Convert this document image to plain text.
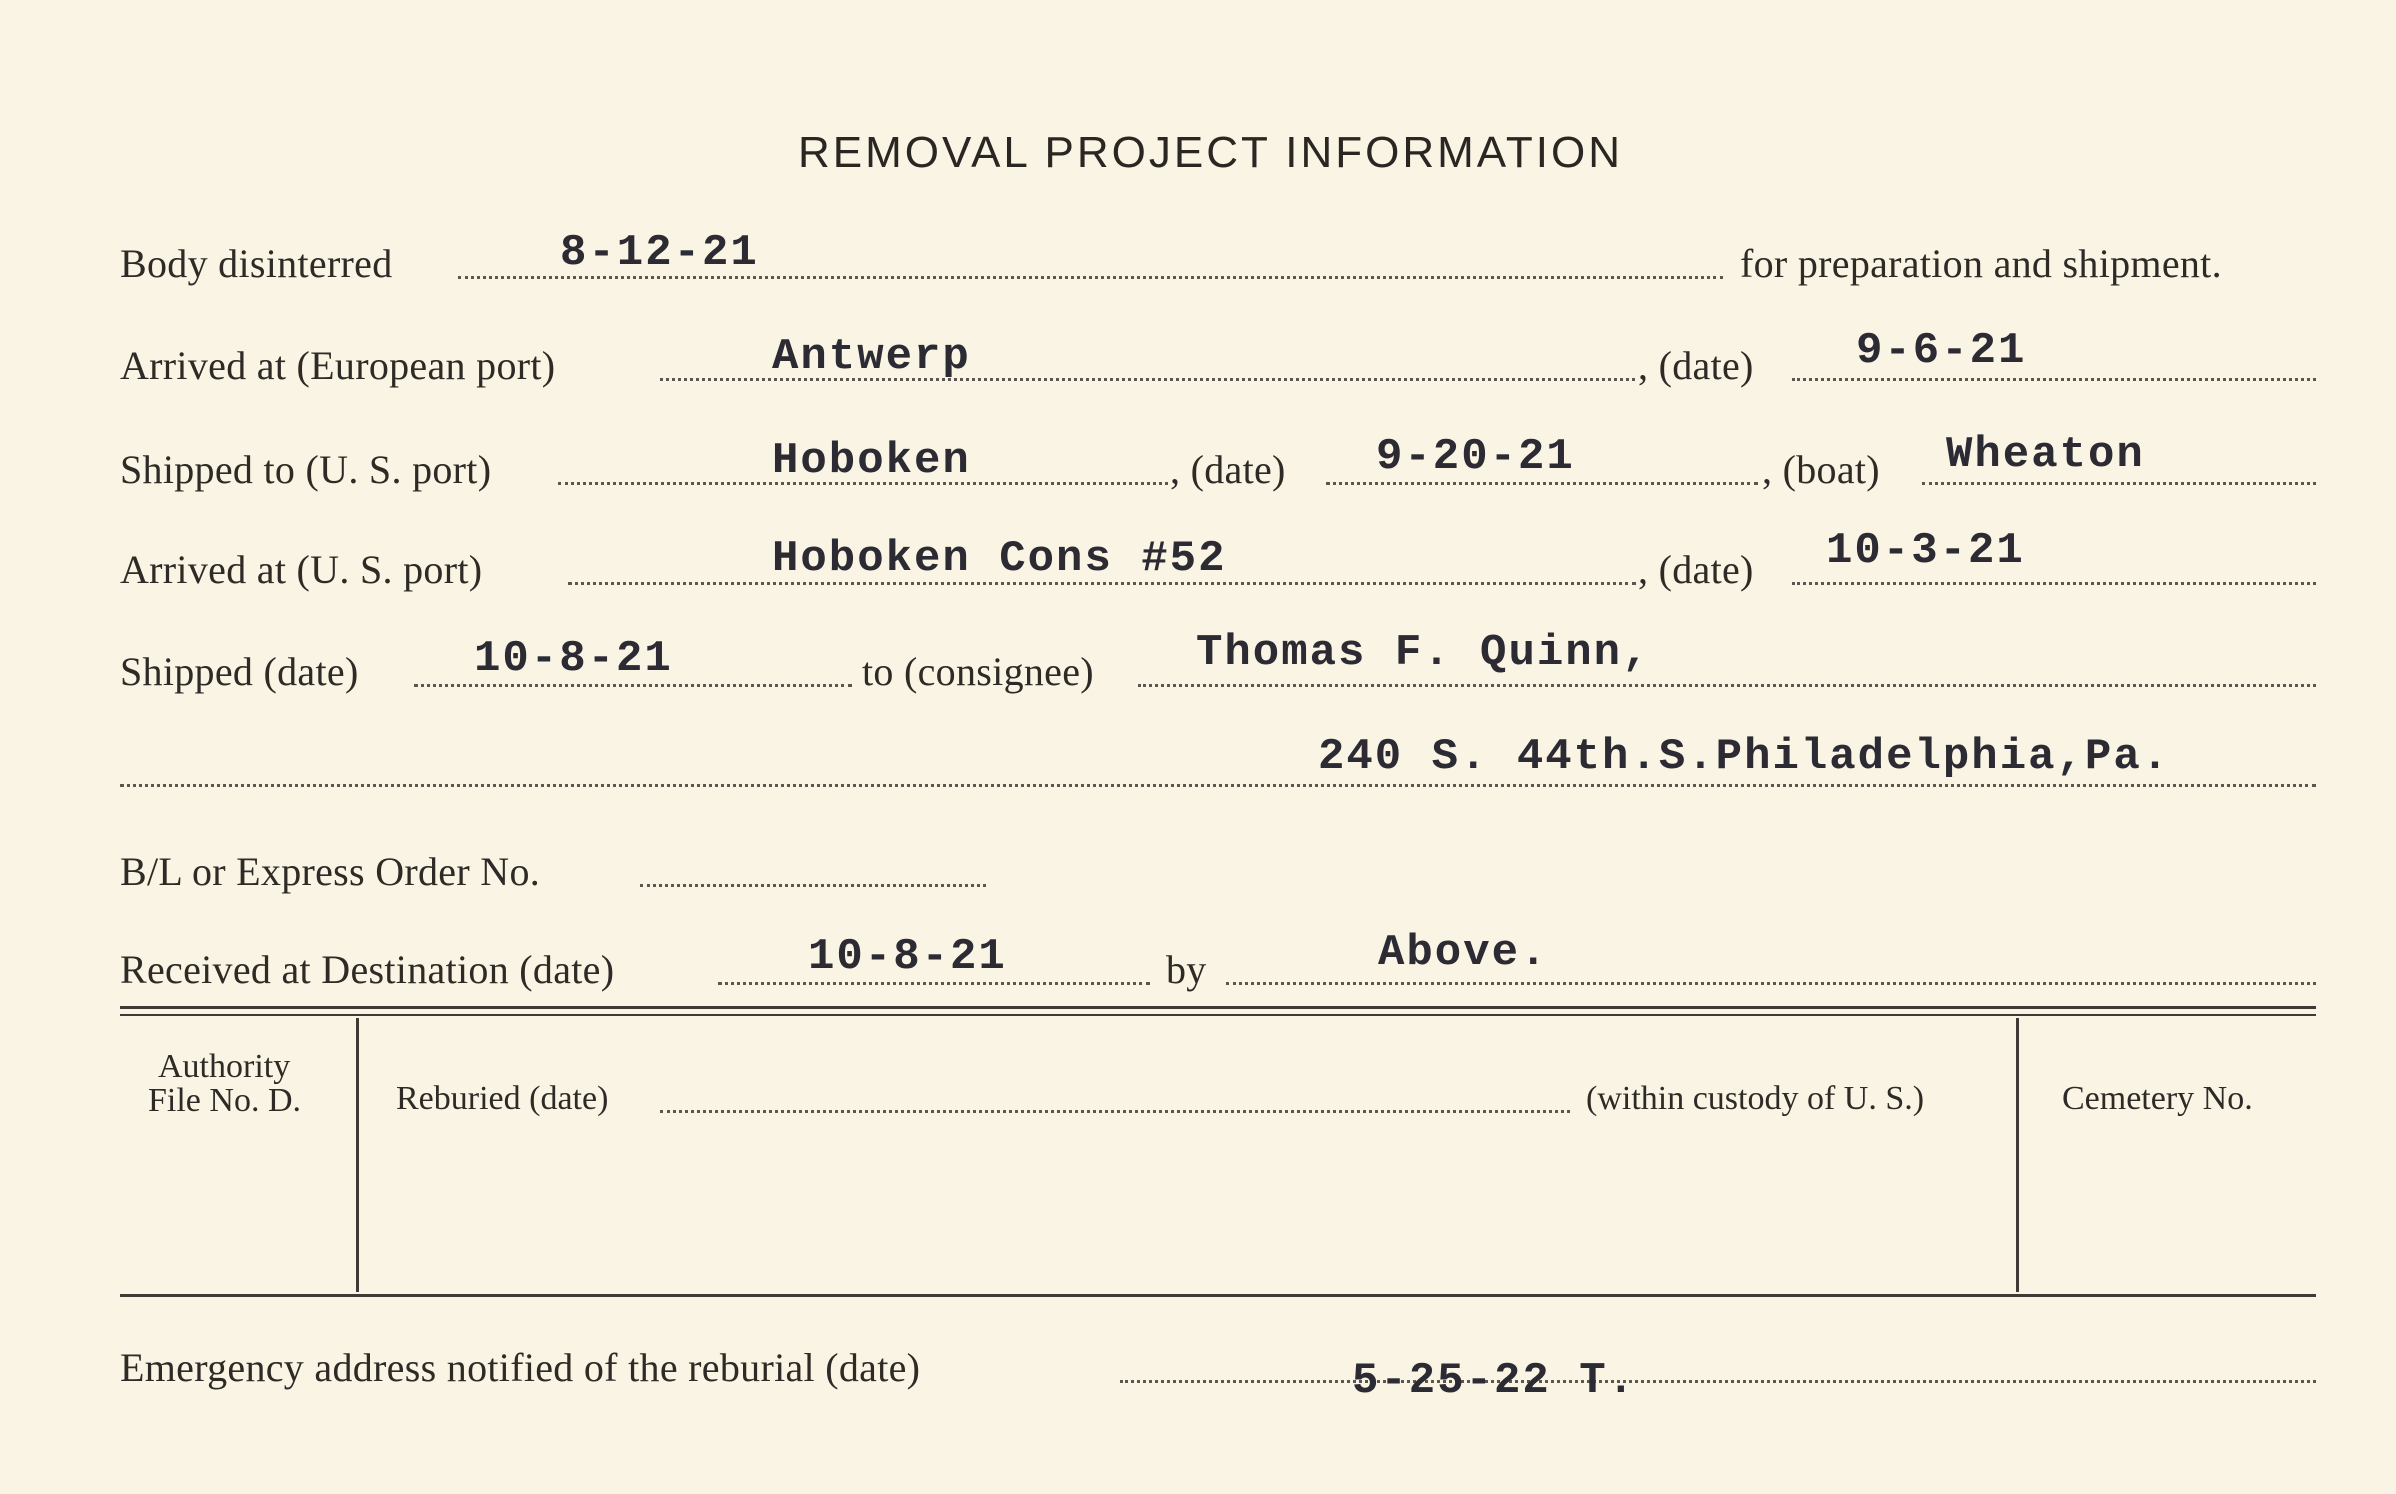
REMOVAL PROJECT INFORMATION
Body disinterred	8-12-21	for preparation and shipment.
Arrived at (European port)	Antwerp	, (date) 9-6-21
Shipped to (U. S. port)	Hoboken	, (date) 9-20-21	, (boat) Wheaton
Arrived at (U. S. port)	Hoboken Cons #52	, (date) 10-3-21
Shipped (date)	10-8-21	to (consignee) Thomas F. Quinn,
240 S. 44th.S.Philadelphia,Pa.
B/L or Express Order No.
Received at Destination (date)	10-8-21	by	Above.
Authority
File No. D.	Reburied (date)	(within custody of U. S.)	Cemetery No.
Emergency address notified of the reburial (date)	5-25-22 T.
